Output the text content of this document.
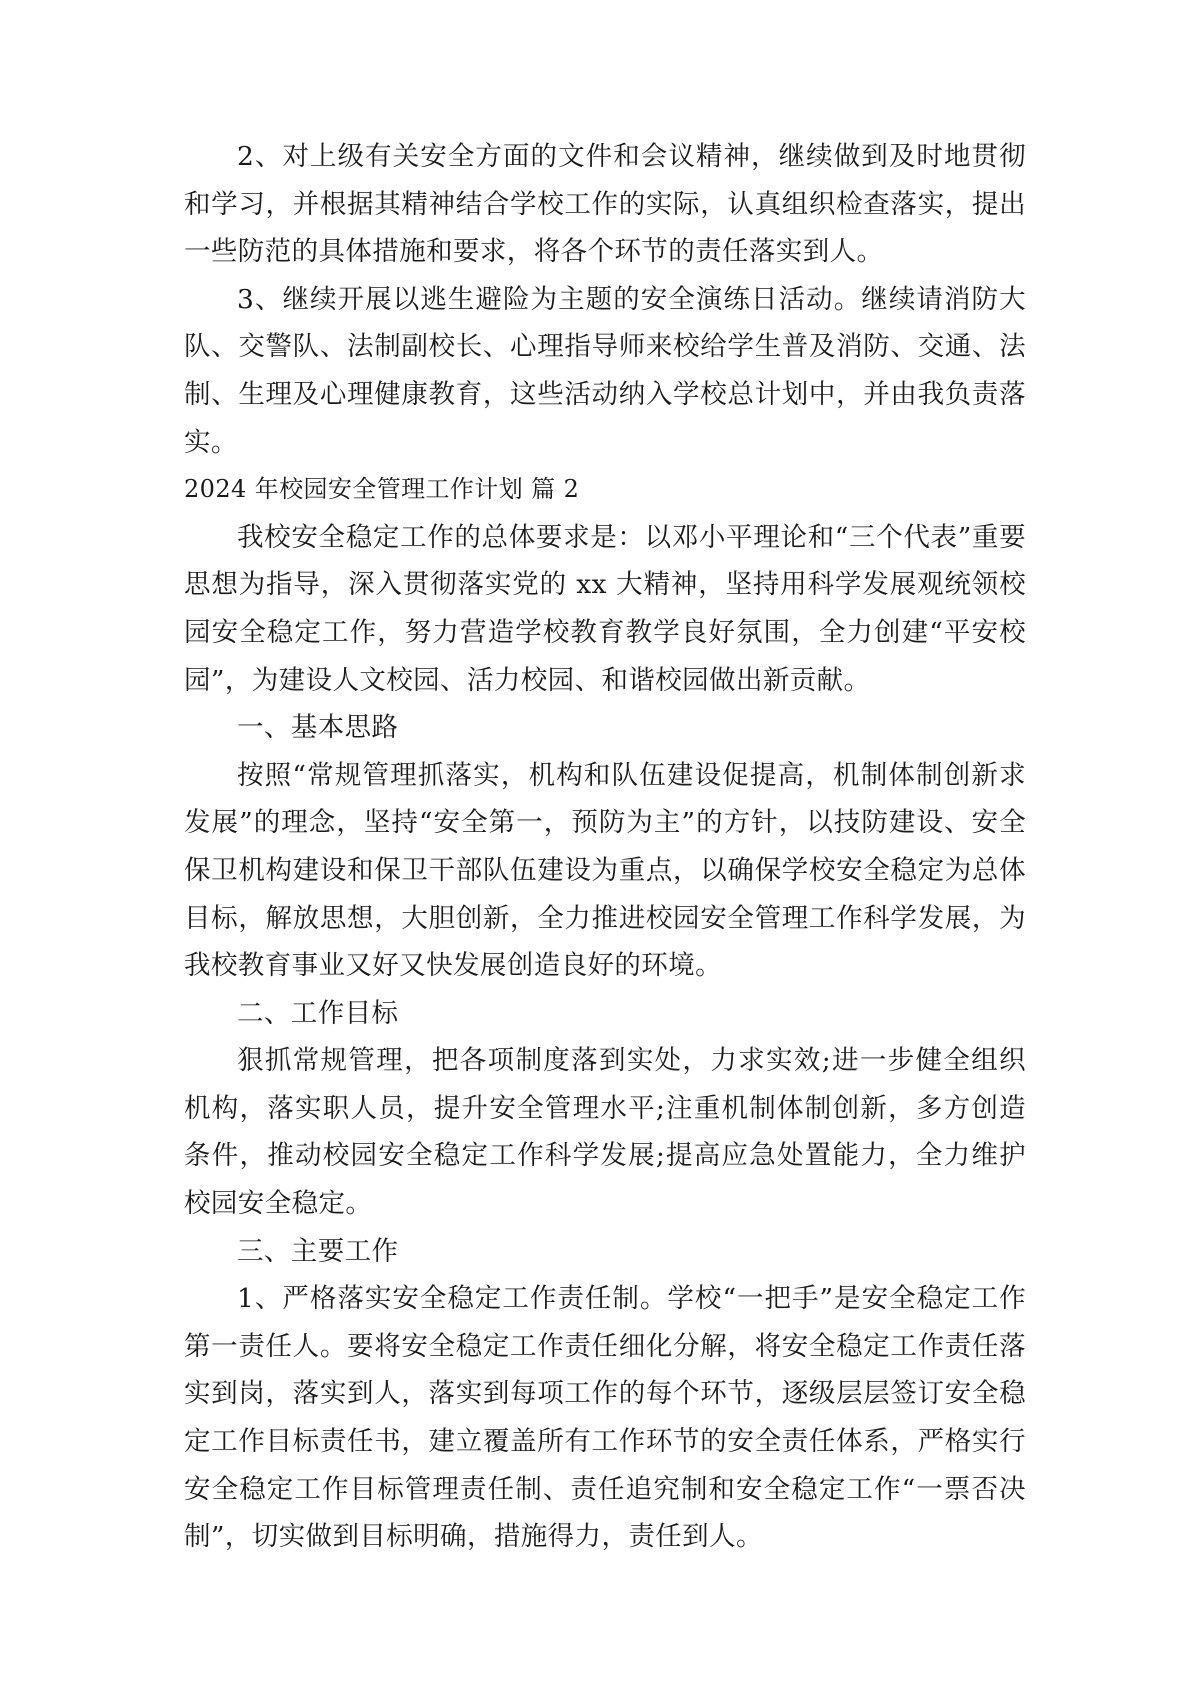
2、对上级有关安全方面的文件和会议精神，继续做到及时地贯彻和学习，并根据其精神结合学校工作的实际，认真组织检查落实，提出一些防范的具体措施和要求，将各个环节的责任落实到人。

3、继续开展以逃生避险为主题的安全演练日活动。继续请消防大队、交警队、法制副校长、心理指导师来校给学生普及消防、交通、法制、生理及心理健康教育，这些活动纳入学校总计划中，并由我负责落实。

2024 年校园安全管理工作计划 篇 2

我校安全稳定工作的总体要求是：以邓小平理论和“三个代表”重要思想为指导，深入贯彻落实党的 xx 大精神，坚持用科学发展观统领校园安全稳定工作，努力营造学校教育教学良好氛围，全力创建“平安校园”，为建设人文校园、活力校园、和谐校园做出新贡献。

一、基本思路

按照“常规管理抓落实，机构和队伍建设促提高，机制体制创新求发展”的理念，坚持“安全第一，预防为主”的方针，以技防建设、安全保卫机构建设和保卫干部队伍建设为重点，以确保学校安全稳定为总体目标，解放思想，大胆创新，全力推进校园安全管理工作科学发展，为我校教育事业又好又快发展创造良好的环境。

二、工作目标

狠抓常规管理，把各项制度落到实处，力求实效;进一步健全组织机构，落实职人员，提升安全管理水平;注重机制体制创新，多方创造条件，推动校园安全稳定工作科学发展;提高应急处置能力，全力维护校园安全稳定。

三、主要工作

1、严格落实安全稳定工作责任制。学校“一把手”是安全稳定工作第一责任人。要将安全稳定工作责任细化分解，将安全稳定工作责任落实到岗，落实到人，落实到每项工作的每个环节，逐级层层签订安全稳定工作目标责任书，建立覆盖所有工作环节的安全责任体系，严格实行安全稳定工作目标管理责任制、责任追究制和安全稳定工作“一票否决制”，切实做到目标明确，措施得力，责任到人。
